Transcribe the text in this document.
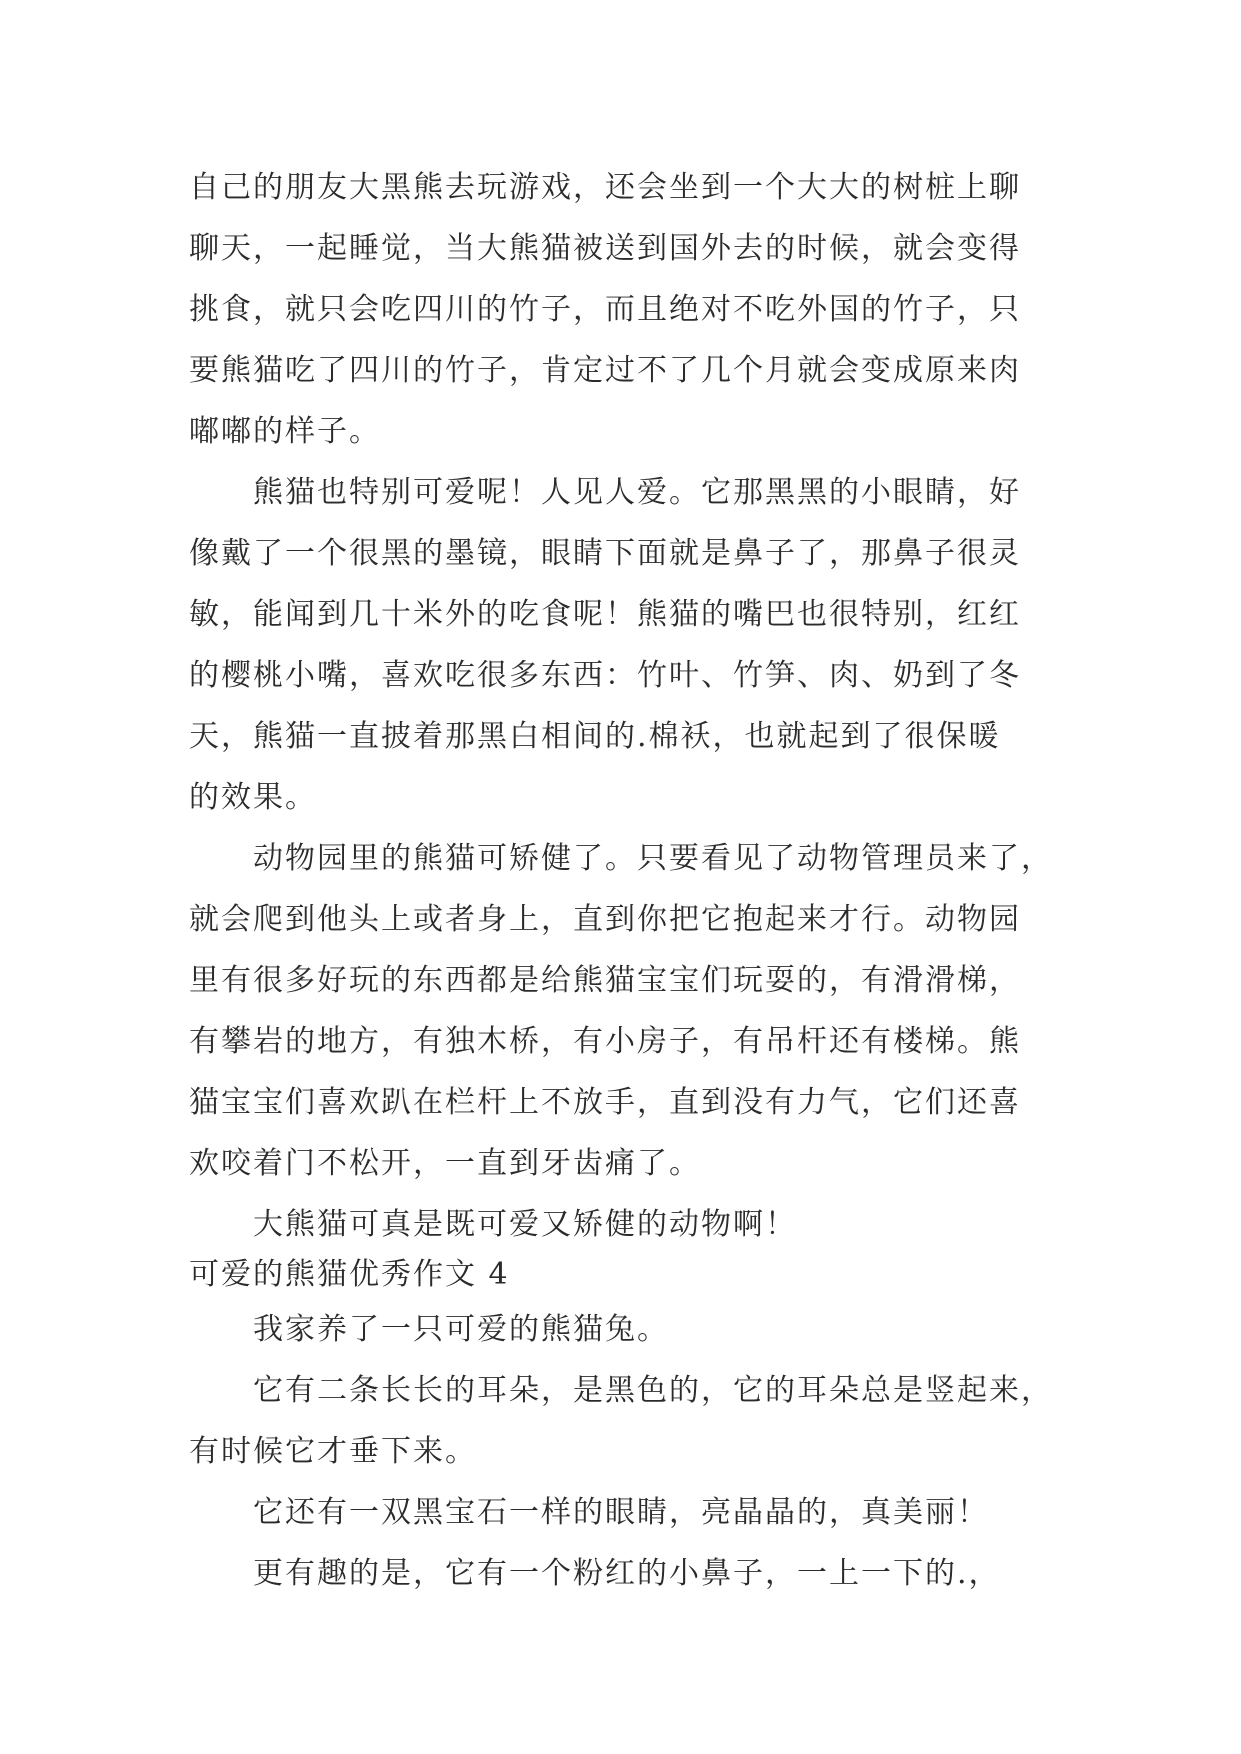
自己的朋友大黑熊去玩游戏，还会坐到一个大大的树桩上聊
聊天，一起睡觉，当大熊猫被送到国外去的时候，就会变得
挑食，就只会吃四川的竹子，而且绝对不吃外国的竹子，只
要熊猫吃了四川的竹子，肯定过不了几个月就会变成原来肉
嘟嘟的样子。
　　熊猫也特别可爱呢！人见人爱。它那黑黑的小眼睛，好
像戴了一个很黑的墨镜，眼睛下面就是鼻子了，那鼻子很灵
敏，能闻到几十米外的吃食呢！熊猫的嘴巴也很特别，红红
的樱桃小嘴，喜欢吃很多东西：竹叶、竹笋、肉、奶到了冬
天，熊猫一直披着那黑白相间的.棉袄，也就起到了很保暖
的效果。
　　动物园里的熊猫可矫健了。只要看见了动物管理员来了，
就会爬到他头上或者身上，直到你把它抱起来才行。动物园
里有很多好玩的东西都是给熊猫宝宝们玩耍的，有滑滑梯，
有攀岩的地方，有独木桥，有小房子，有吊杆还有楼梯。熊
猫宝宝们喜欢趴在栏杆上不放手，直到没有力气，它们还喜
欢咬着门不松开，一直到牙齿痛了。
　　大熊猫可真是既可爱又矫健的动物啊！
可爱的熊猫优秀作文 4
　　我家养了一只可爱的熊猫兔。
　　它有二条长长的耳朵，是黑色的，它的耳朵总是竖起来，
有时候它才垂下来。
　　它还有一双黑宝石一样的眼睛，亮晶晶的，真美丽！
　　更有趣的是，它有一个粉红的小鼻子，一上一下的.，
